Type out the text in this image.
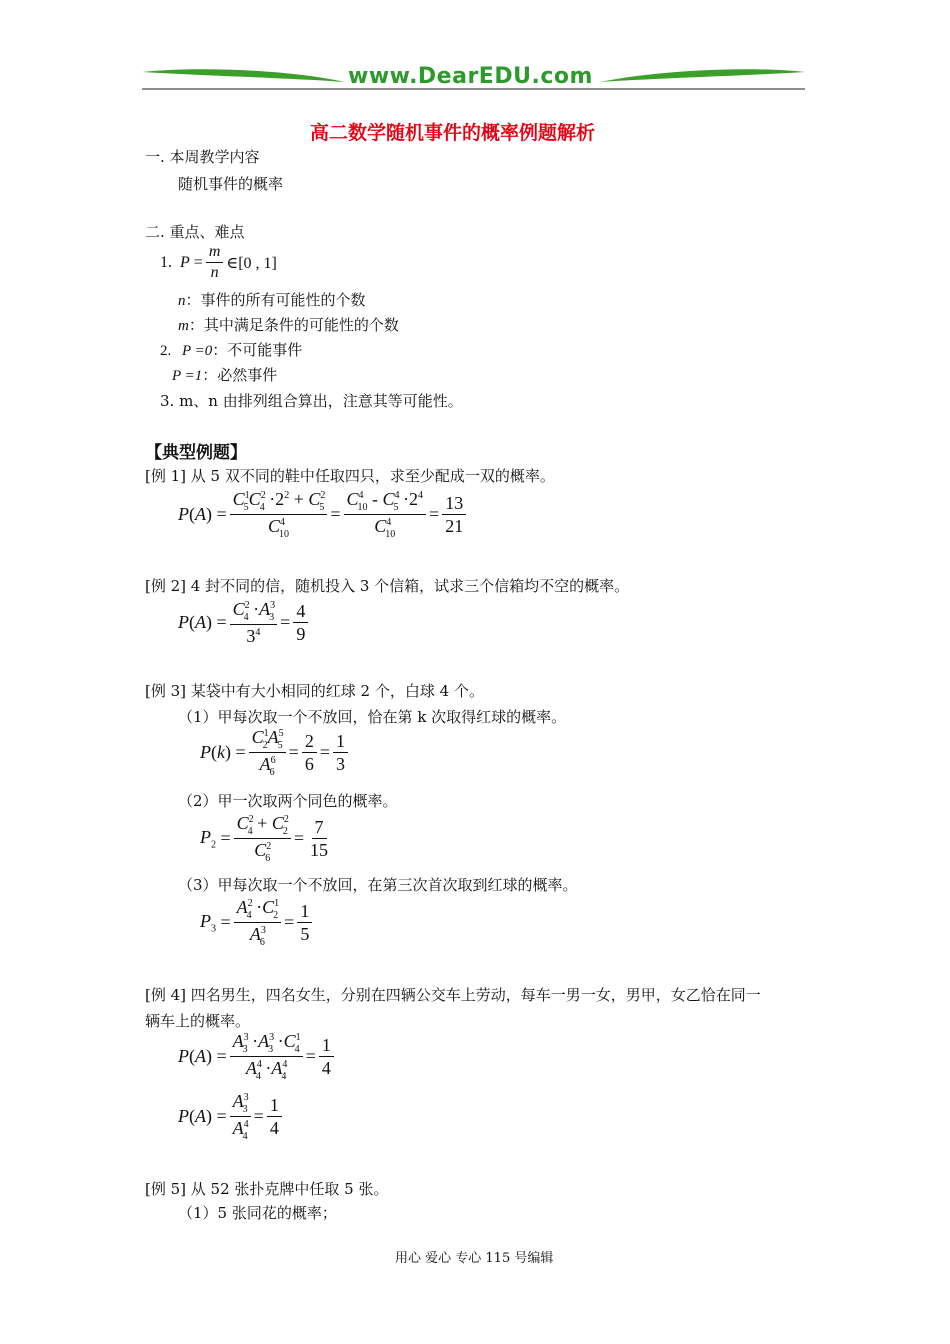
www.DearEDU.com
高二数学随机事件的概率例题解析
一. 本周教学内容
随机事件的概率
二. 重点、难点
1. $P = \frac{m}{n}$ ∈[0 , 1]
n：事件的所有可能性的个数
m：其中满足条件的可能性的个数
2. P =0：不可能事件
P =1：必然事件
3. m、n 由排列组合算出，注意其等可能性。
【典型例题】
[例 1] 从 5 双不同的鞋中任取四只，求至少配成一双的概率。
P ( A ) = $\frac{C^1_5C^2_4 \cdot 2^2 + C^2_5}{C^4_{10}} = \frac{C^4_{10} - C^4_5 \cdot 2^4}{C^4_{10}} = \frac{13}{21}$
[例 2] 4 封不同的信，随机投入 3 个信箱，试求三个信箱均不空的概率。
P ( A ) = $\frac{C^2_4 \cdot A^3_3}{3^4} = \frac{4}{9}$
[例 3] 某袋中有大小相同的红球 2 个，白球 4 个。
（1）甲每次取一个不放回，恰在第 k 次取得红球的概率。
P ( k ) = $\frac{C^1_2A^5_5}{A^6_6} = \frac{2}{6} = \frac{1}{3}$
（2）甲一次取两个同色的概率。
$P_2 = \frac{C^2_4 + C^2_2}{C^2_6} = \frac{7}{15}$
（3）甲每次取一个不放回，在第三次首次取到红球的概率。
$P_3 = \frac{A^2_4 \cdot C^1_2}{A^3_6} = \frac{1}{5}$
[例 4] 四名男生，四名女生，分别在四辆公交车上劳动，每车一男一女，男甲，女乙恰在同一
辆车上的概率。
P ( A ) = $\frac{A^3_3 \cdot A^3_3 \cdot C^1_4}{A^4_4 \cdot A^4_4} = \frac{1}{4}$
P ( A ) = $\frac{A^3_3}{A^4_4} = \frac{1}{4}$
[例 5] 从 52 张扑克牌中任取 5 张。
（1）5 张同花的概率；
用心 爱心 专心 115 号编辑
